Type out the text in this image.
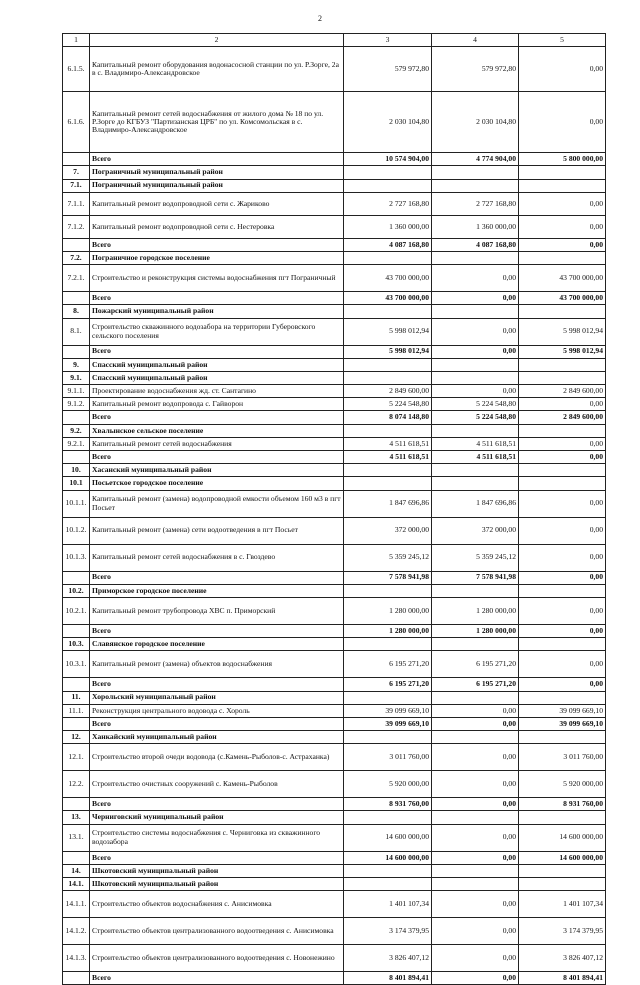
2
1	2	3	4	5
6.1.5.	Капитальный ремонт оборудования водонасосной станции по ул. Р.Зорге, 2а в с. Владимиро-Александровское	579 972,80	579 972,80	0,00
6.1.6.	Капитальный ремонт сетей водоснабжения от жилого дома № 18 по ул. Р.Зорге до КГБУЗ "Партизанская ЦРБ" по ул. Комсомольская в с. Владимиро-Александровское	2 030 104,80	2 030 104,80	0,00
	Всего	10 574 904,00	4 774 904,00	5 800 000,00
7.	Пограничный муниципальный район			
7.1.	Пограничный муниципальный район			
7.1.1.	Капитальный ремонт водопроводной сети с. Жариково	2 727 168,80	2 727 168,80	0,00
7.1.2.	Капитальный ремонт водопроводной сети с. Нестеровка	1 360 000,00	1 360 000,00	0,00
	Всего	4 087 168,80	4 087 168,80	0,00
7.2.	Пограничное городское поселение			
7.2.1.	Строительство и реконструкция системы водоснабжения пгт Пограничный	43 700 000,00	0,00	43 700 000,00
	Всего	43 700 000,00	0,00	43 700 000,00
8.	Пожарский муниципальный район			
8.1.	Строительство скважинного водозабора на территории Губеровского сельского поселения	5 998 012,94	0,00	5 998 012,94
	Всего	5 998 012,94	0,00	5 998 012,94
9.	Спасский муниципальный район			
9.1.	Спасский муниципальный район			
9.1.1.	Проектирование водоснабжения жд. ст. Сантагино	2 849 600,00	0,00	2 849 600,00
9.1.2.	Капитальный ремонт водопровода с. Гайворон	5 224 548,80	5 224 548,80	0,00
	Всего	8 074 148,80	5 224 548,80	2 849 600,00
9.2.	Хвалынское сельское поселение			
9.2.1.	Капитальный ремонт сетей водоснабжения	4 511 618,51	4 511 618,51	0,00
	Всего	4 511 618,51	4 511 618,51	0,00
10.	Хасанский муниципальный район			
10.1	Посьетское городское поселение			
10.1.1.	Капитальный ремонт (замена) водопроводной емкости объемом 160 м3 в пгт Посьет	1 847 696,86	1 847 696,86	0,00
10.1.2.	Капитальный ремонт (замена) сети водоотведения в пгт Посьет	372 000,00	372 000,00	0,00
10.1.3.	Капитальный ремонт сетей водоснабжения в с. Гвоздево	5 359 245,12	5 359 245,12	0,00
	Всего	7 578 941,98	7 578 941,98	0,00
10.2.	Приморское городское поселение			
10.2.1.	Капитальный ремонт трубопровода ХВС п. Приморский	1 280 000,00	1 280 000,00	0,00
	Всего	1 280 000,00	1 280 000,00	0,00
10.3.	Славянское городское поселение			
10.3.1.	Капитальный ремонт (замена) объектов водоснабжения	6 195 271,20	6 195 271,20	0,00
	Всего	6 195 271,20	6 195 271,20	0,00
11.	Хорольский муниципальный район			
11.1.	Реконструкция центрального водовода с. Хороль	39 099 669,10	0,00	39 099 669,10
	Всего	39 099 669,10	0,00	39 099 669,10
12.	Ханкайский муниципальный район			
12.1.	Строительство второй очеди водовода (с.Камень-Рыболов-с. Астраханка)	3 011 760,00	0,00	3 011 760,00
12.2.	Строительство очистных сооружений с. Камень-Рыболов	5 920 000,00	0,00	5 920 000,00
	Всего	8 931 760,00	0,00	8 931 760,00
13.	Черниговский муниципальный район			
13.1.	Строительство системы водоснабжения с. Черниговка из скважинного водозабора	14 600 000,00	0,00	14 600 000,00
	Всего	14 600 000,00	0,00	14 600 000,00
14.	Шкотовский муниципальный район			
14.1.	Шкотовский муниципальный район			
14.1.1.	Строительство объектов водоснабжения с. Анисимовка	1 401 107,34	0,00	1 401 107,34
14.1.2.	Строительство объектов централизованного водоотведения с. Анисимовка	3 174 379,95	0,00	3 174 379,95
14.1.3.	Строительство объектов централизованного водоотведения с. Новонежино	3 826 407,12	0,00	3 826 407,12
	Всего	8 401 894,41	0,00	8 401 894,41
